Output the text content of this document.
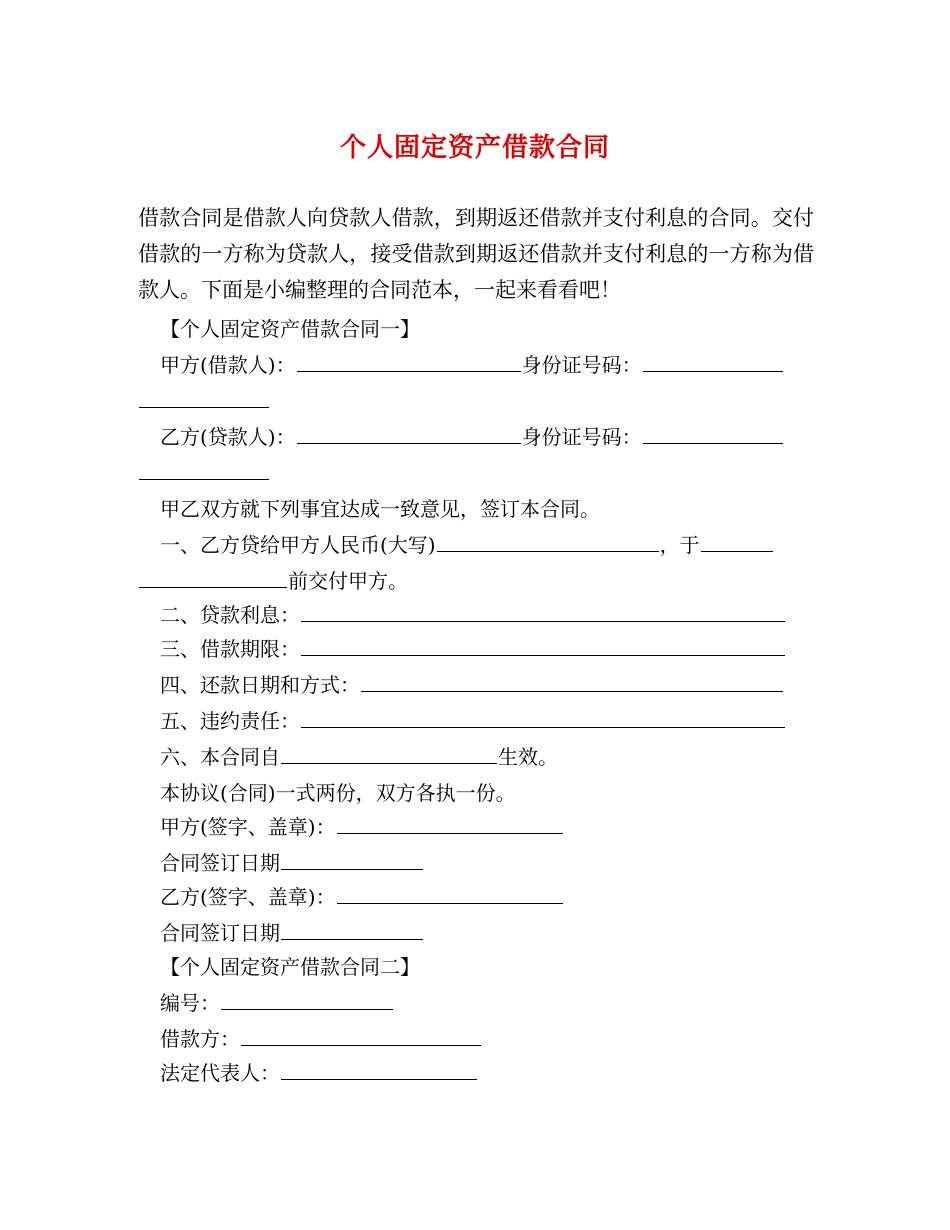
个人固定资产借款合同

借款合同是借款人向贷款人借款，到期返还借款并支付利息的合同。交付借款的一方称为贷款人，接受借款到期返还借款并支付利息的一方称为借款人。下面是小编整理的合同范本，一起来看看吧！

【个人固定资产借款合同一】
甲方(借款人)：	身份证号码：
乙方(贷款人)：	身份证号码：
甲乙双方就下列事宜达成一致意见，签订本合同。
一、乙方贷给甲方人民币(大写)	，于
前交付甲方。
二、贷款利息：
三、借款期限：
四、还款日期和方式：
五、违约责任：
六、本合同自	生效。
本协议(合同)一式两份，双方各执一份。
甲方(签字、盖章)：
合同签订日期
乙方(签字、盖章)：
合同签订日期
【个人固定资产借款合同二】
编号：
借款方：
法定代表人：
